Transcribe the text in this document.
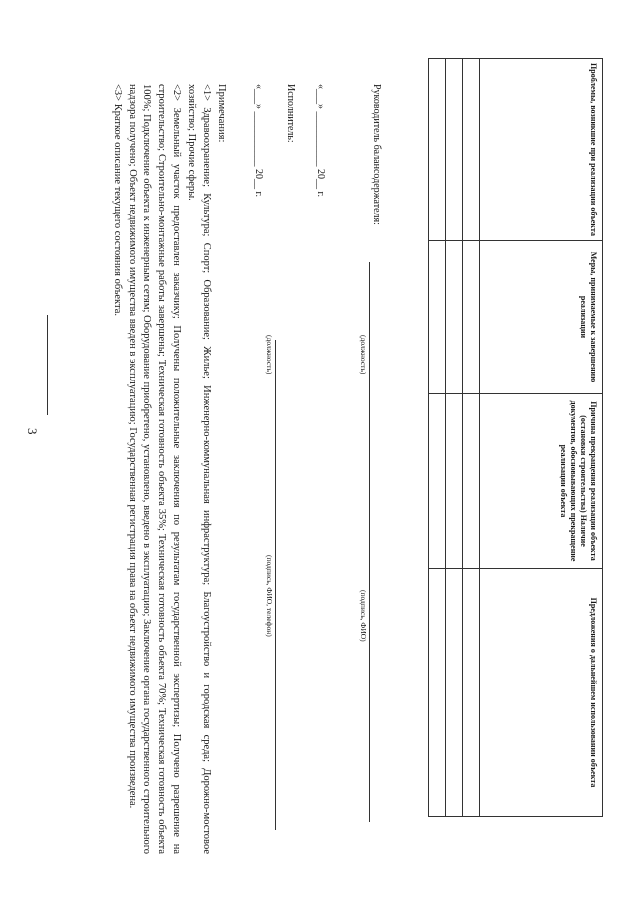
3
Проблемы, возникшие при реализации объекта	Меры, принимаемые к завершению реализации	Причина прекращения реализации объекта (остановки строительства) Наличие документов, обосновывающих прекращение реализации объекта	Предложения о дальнейшем использовании объекта

Руководитель балансодержателя:
(должность)
(подпись, ФИО)
«___» ___________ 20__ г.
Исполнитель:
(должность)
(подпись, ФИО, телефон)
«___» ___________ 20__ г.

Примечания:

<1> Здравоохранение; Культура; Спорт; Образование; Жилье; Инженерно-коммунальная инфраструктура; Благоустройство и городская среда; Дорожно-мостовое хозяйство; Прочие сферы.

<2> Земельный участок предоставлен заказчику; Получены положительные заключения по результатам государственной экспертизы; Получено разрешение на строительство; Строительно-монтажные работы завершены; Техническая готовность объекта 35%; Техническая готовность объекта 70%; Техническая готовность объекта 100%; Подключение объекта к инженерным сетям; Оборудование приобретено, установлено, введено в эксплуатацию; Заключение органа государственного строительного надзора получено; Объект недвижимого имущества введен в эксплуатацию; Государственная регистрация права на объект недвижимого имущества произведена.

<3> Краткое описание текущего состояния объекта.
